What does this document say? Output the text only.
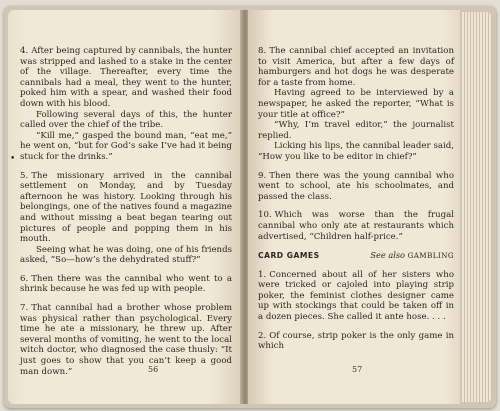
•

4. After being captured by cannibals, the hunter was stripped and lashed to a stake in the center of the village. Thereafter, every time the cannibals had a meal, they went to the hunter, poked him with a spear, and washed their food down with his blood.

Following several days of this, the hunter called over the chief of the tribe.

“Kill me,” gasped the bound man, “eat me,” he went on, “but for God’s sake I’ve had it being stuck for the drinks.”

5. The missionary arrived in the cannibal settlement on Monday, and by Tuesday afternoon he was history. Looking through his belongings, one of the natives found a magazine and without missing a beat began tearing out pictures of people and popping them in his mouth.

Seeing what he was doing, one of his friends asked, “So—how’s the dehydrated stuff?”

6. Then there was the cannibal who went to a shrink because he was fed up with people.

7. That cannibal had a brother whose problem was physical rather than psychological. Every time he ate a missionary, he threw up. After several months of vomiting, he went to the local witch doctor, who diagnosed the case thusly: “It just goes to show that you can’t keep a good man down.”	56

8. The cannibal chief accepted an invitation to visit America, but after a few days of hamburgers and hot dogs he was desperate for a taste from home.

Having agreed to be interviewed by a newspaper, he asked the reporter, “What is your title at office?”

“Why, I’m travel editor,” the journalist replied.

Licking his lips, the cannibal leader said, “How you like to be editor in chief?”

9. Then there was the young cannibal who went to school, ate his schoolmates, and passed the class.

10. Which was worse than the frugal cannibal who only ate at restaurants which advertised, “Children half-price.”

CARD GAMES	See also GAMBLING

1. Concerned about all of her sisters who were tricked or cajoled into playing strip poker, the feminist clothes designer came up with stockings that could be taken off in a dozen pieces. She called it ante hose. . . .

2. Of course, strip poker is the only game in which

57
